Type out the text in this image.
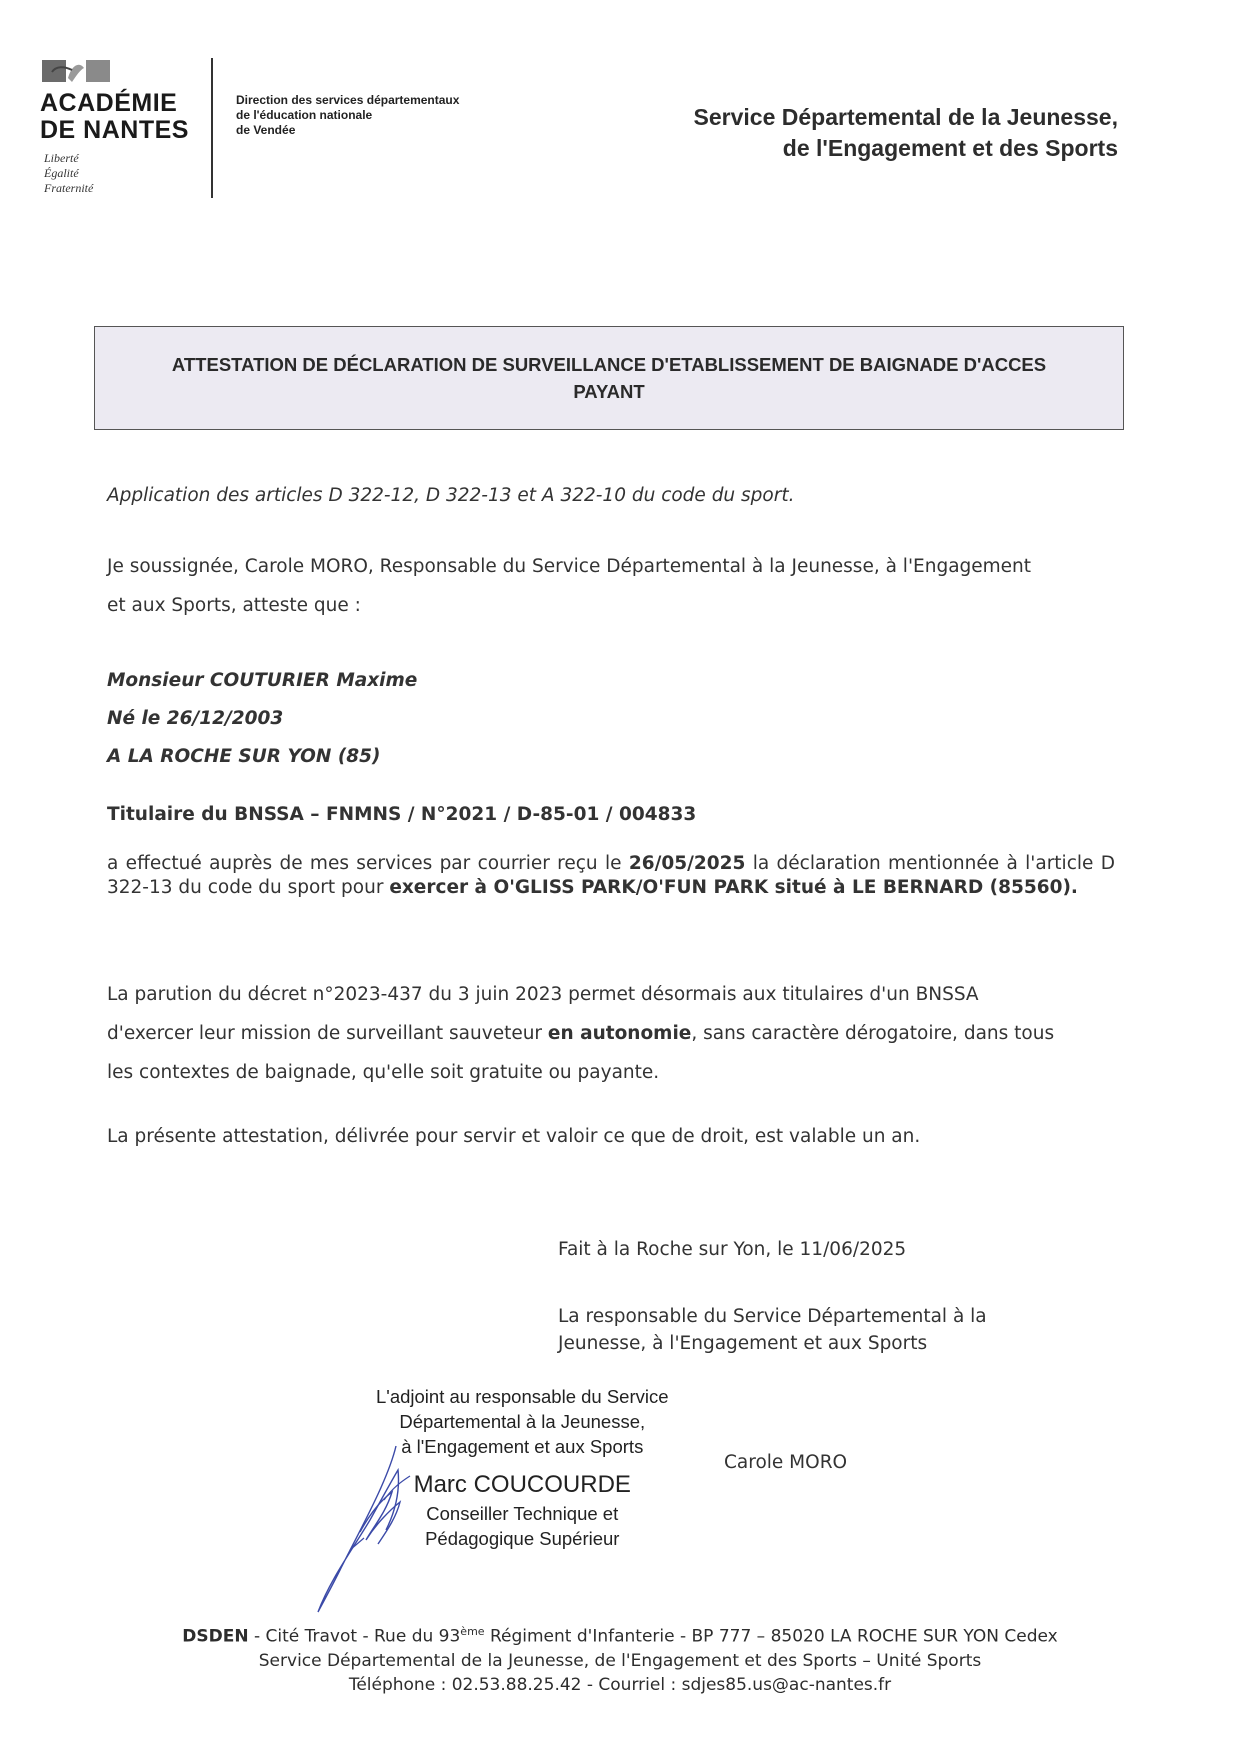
ACADÉMIE
DE NANTES
Liberté
Égalité
Fraternité
Direction des services départementaux
de l'éducation nationale
de Vendée	Service Départemental de la Jeunesse,
de l'Engagement et des Sports
ATTESTATION DE DÉCLARATION DE SURVEILLANCE D'ETABLISSEMENT DE BAIGNADE D'ACCES
PAYANT
Application des articles D 322-12, D 322-13 et A 322-10 du code du sport.
Je soussignée, Carole MORO, Responsable du Service Départemental à la Jeunesse, à l'Engagement
et aux Sports, atteste que :
Monsieur COUTURIER Maxime
Né le 26/12/2003
A LA ROCHE SUR YON (85)
Titulaire du BNSSA – FNMNS / N°2021 / D-85-01 / 004833
a effectué auprès de mes services par courrier reçu le 26/05/2025 la déclaration mentionnée à l'article D 322-13 du code du sport pour exercer à O'GLISS PARK/O'FUN PARK situé à LE BERNARD (85560).
La parution du décret n°2023-437 du 3 juin 2023 permet désormais aux titulaires d'un BNSSA
d'exercer leur mission de surveillant sauveteur en autonomie, sans caractère dérogatoire, dans tous
les contextes de baignade, qu'elle soit gratuite ou payante.
La présente attestation, délivrée pour servir et valoir ce que de droit, est valable un an.
Fait à la Roche sur Yon, le 11/06/2025
La responsable du Service Départemental à la
Jeunesse, à l'Engagement et aux Sports
L'adjoint au responsable du Service
Départemental à la Jeunesse,
à l'Engagement et aux Sports
Marc COUCOURDE
Conseiller Technique et
Pédagogique Supérieur
Carole MORO
DSDEN - Cité Travot - Rue du 93ème Régiment d'Infanterie - BP 777 – 85020 LA ROCHE SUR YON Cedex
Service Départemental de la Jeunesse, de l'Engagement et des Sports – Unité Sports
Téléphone : 02.53.88.25.42 - Courriel : sdjes85.us@ac-nantes.fr
